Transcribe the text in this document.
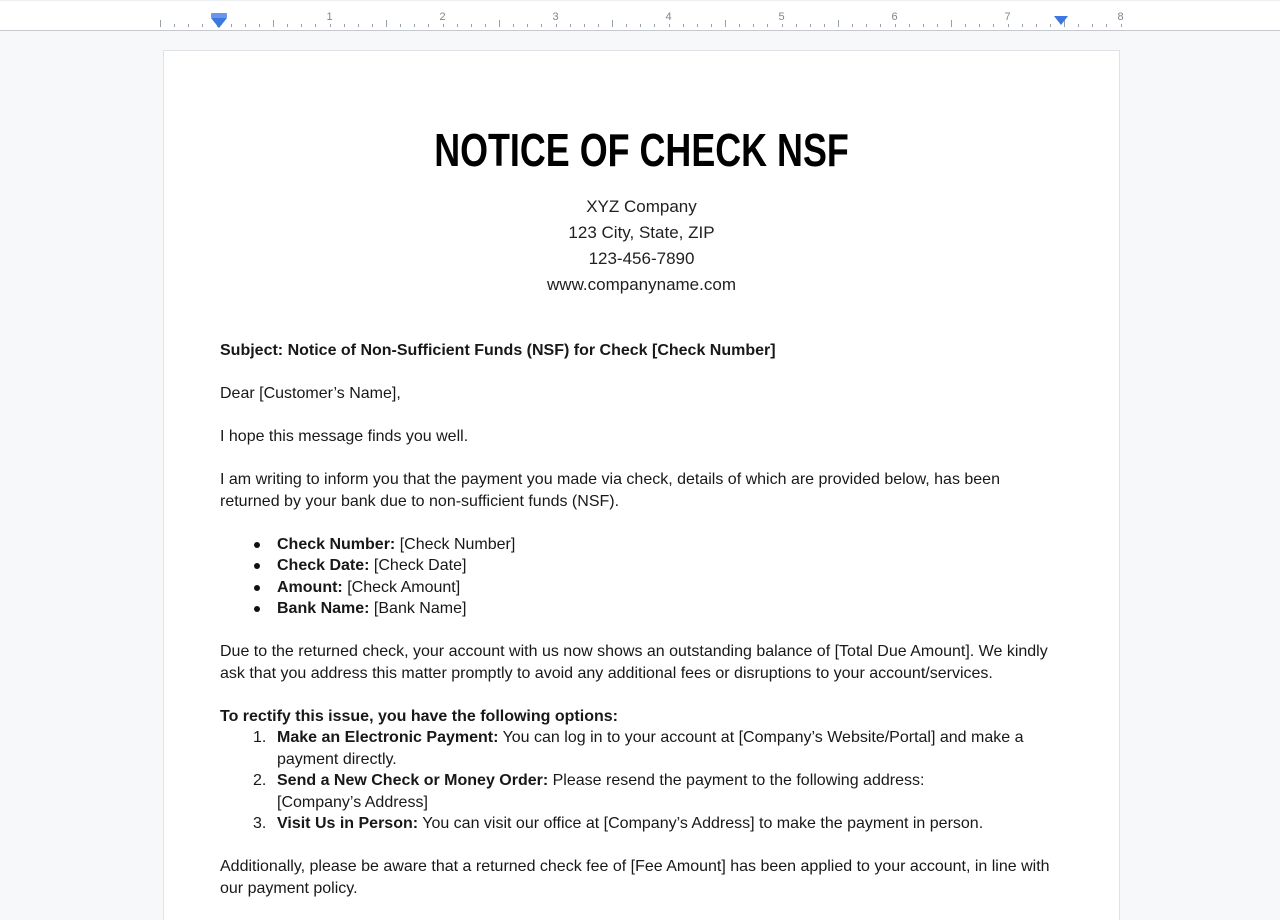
1	2	3	4	5	6	7	8
NOTICE OF CHECK NSF
XYZ Company
123 City, State, ZIP
123-456-7890
www.companyname.com

Subject: Notice of Non-Sufficient Funds (NSF) for Check [Check Number]

Dear [Customer’s Name],

I hope this message finds you well.

I am writing to inform you that the payment you made via check, details of which are provided below, has been returned by your bank due to non-sufficient funds (NSF).

Check Number: [Check Number]
Check Date: [Check Date]
Amount: [Check Amount]
Bank Name: [Bank Name]

Due to the returned check, your account with us now shows an outstanding balance of [Total Due Amount]. We kindly ask that you address this matter promptly to avoid any additional fees or disruptions to your account/services.

To rectify this issue, you have the following options:

Make an Electronic Payment: You can log in to your account at [Company’s Website/Portal] and make a payment directly.
Send a New Check or Money Order: Please resend the payment to the following address:
[Company’s Address]
Visit Us in Person: You can visit our office at [Company’s Address] to make the payment in person.

Additionally, please be aware that a returned check fee of [Fee Amount] has been applied to your account, in line with our payment policy.
